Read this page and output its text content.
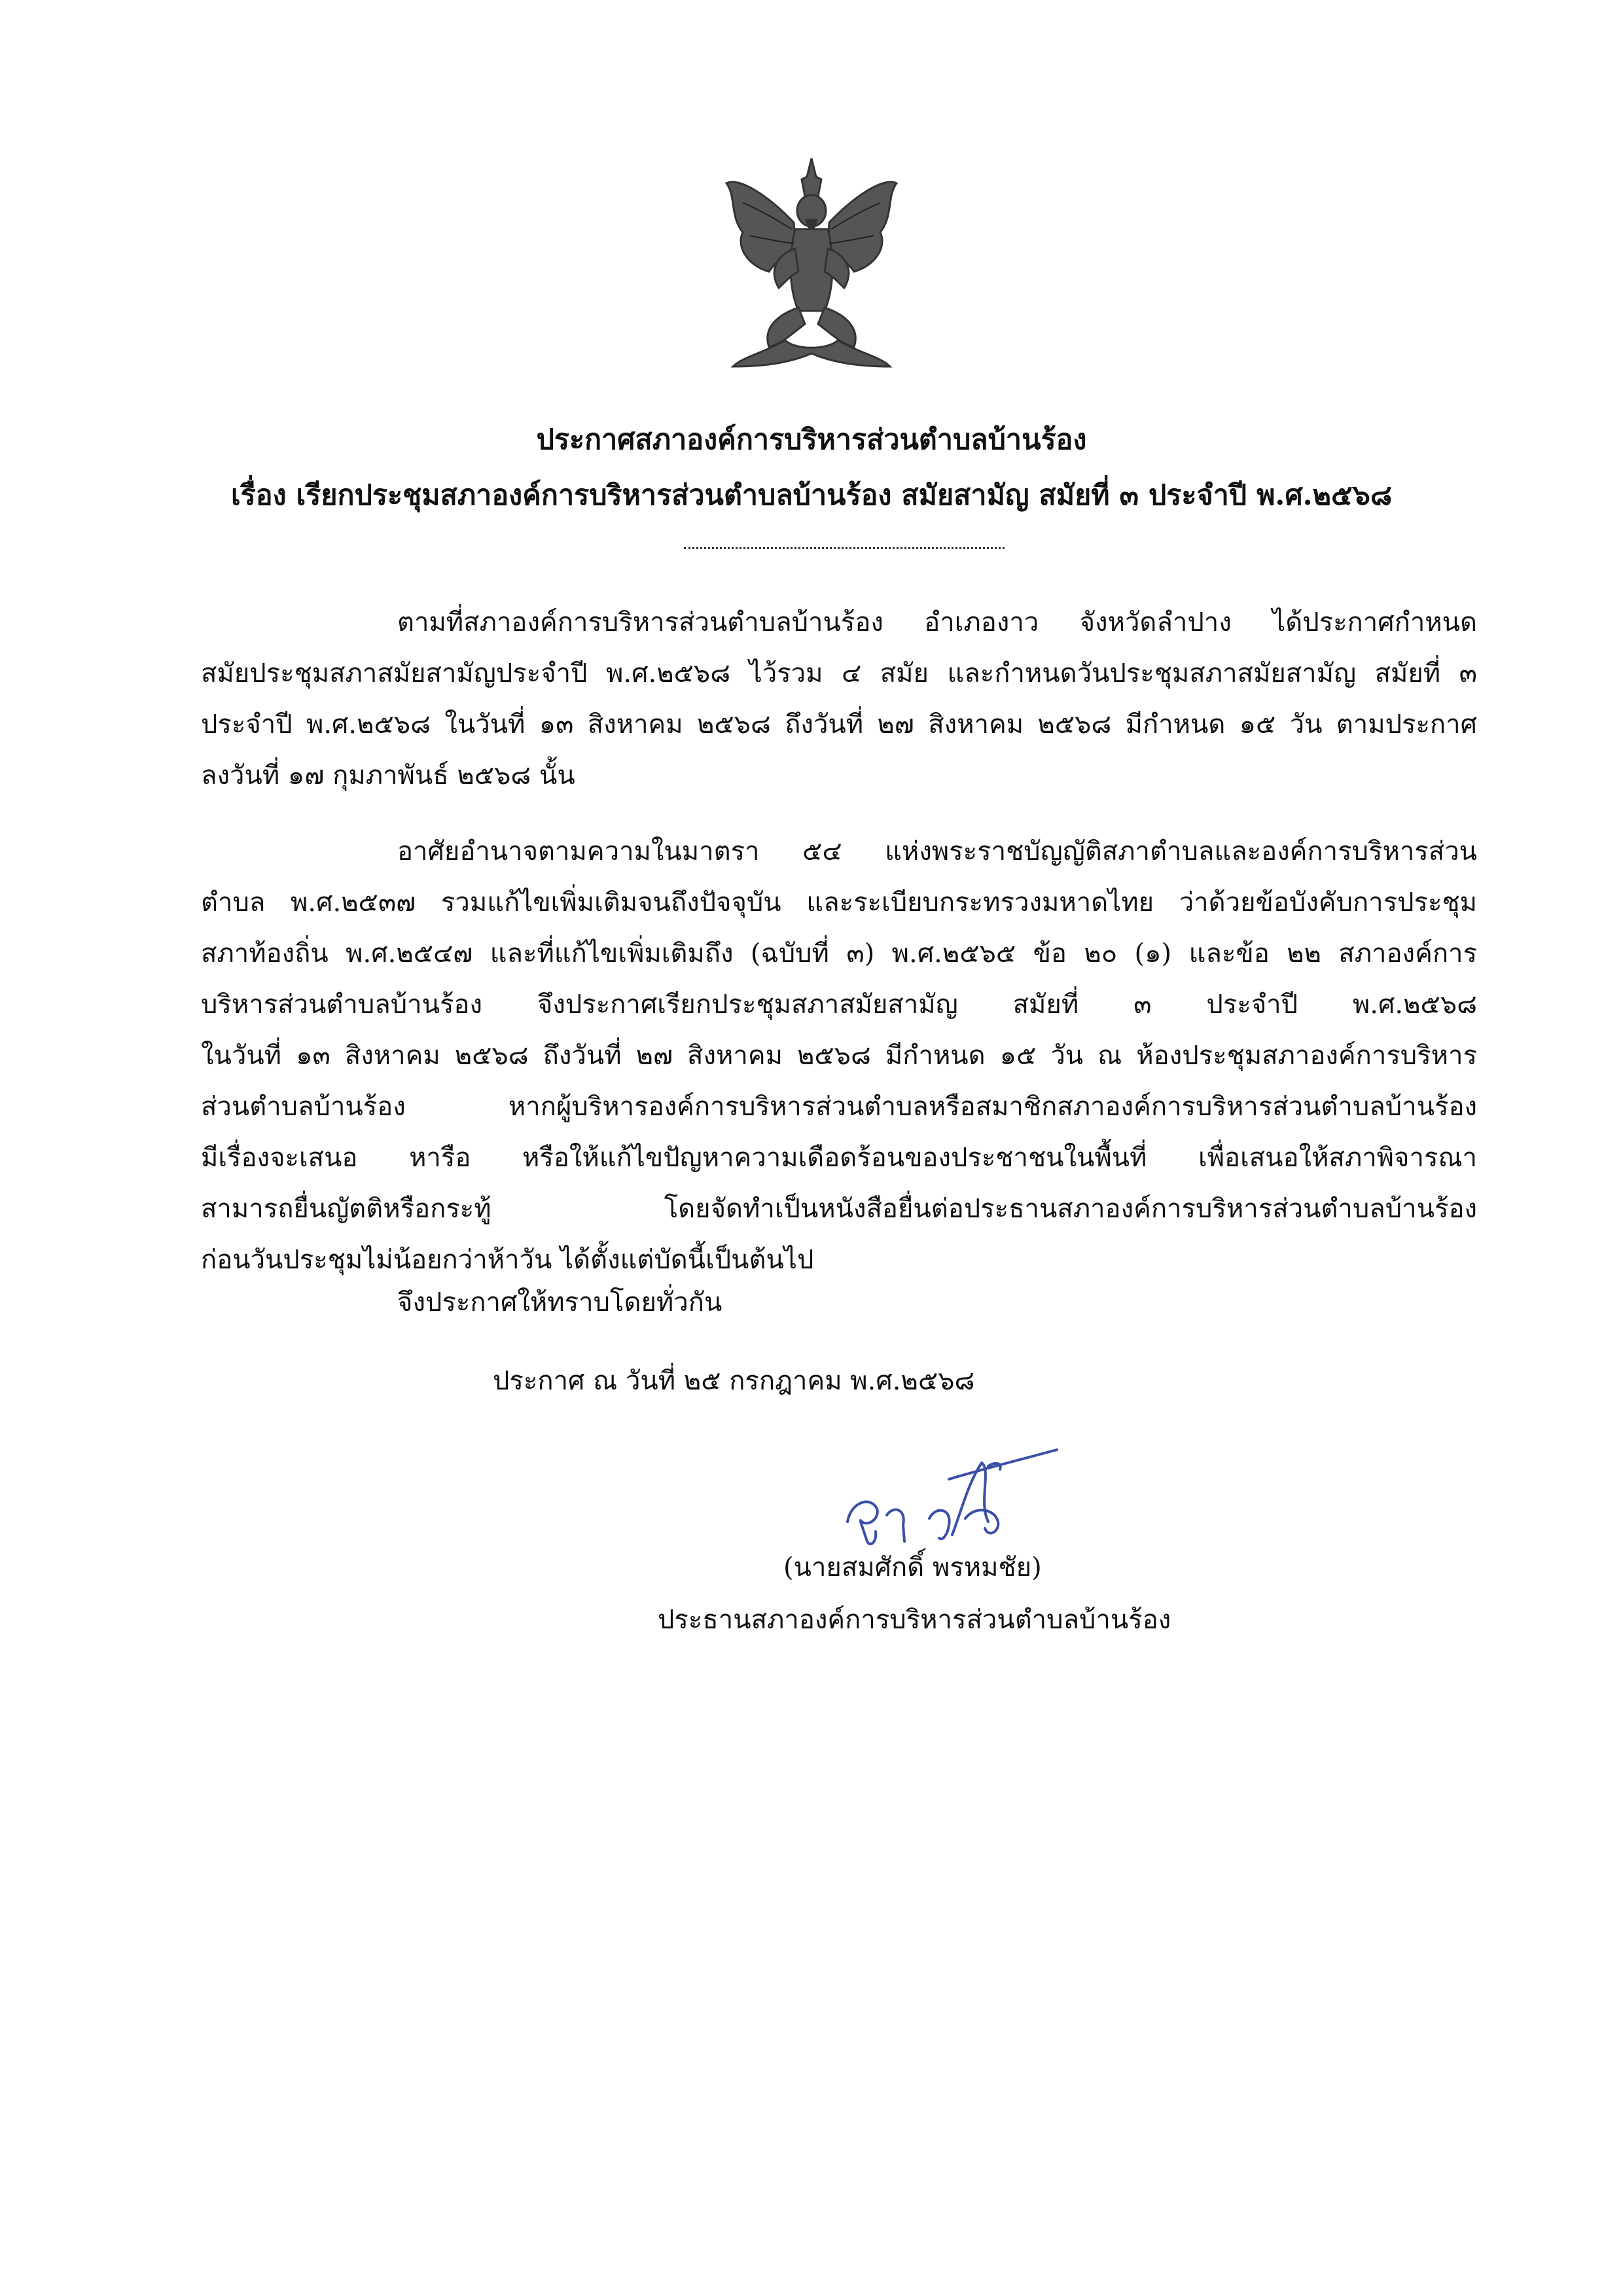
ประกาศสภาองค์การบริหารส่วนตำบลบ้านร้อง
เรื่อง เรียกประชุมสภาองค์การบริหารส่วนตำบลบ้านร้อง สมัยสามัญ สมัยที่ ๓ ประจำปี พ.ศ.๒๕๖๘
ตามที่สภาองค์การบริหารส่วนตำบลบ้านร้อง อำเภองาว จังหวัดลำปาง ได้ประกาศกำหนด
สมัยประชุมสภาสมัยสามัญประจำปี พ.ศ.๒๕๖๘ ไว้รวม ๔ สมัย และกำหนดวันประชุมสภาสมัยสามัญ สมัยที่ ๓
ประจำปี พ.ศ.๒๕๖๘ ในวันที่ ๑๓ สิงหาคม ๒๕๖๘ ถึงวันที่ ๒๗ สิงหาคม ๒๕๖๘ มีกำหนด ๑๕ วัน ตามประกาศ
ลงวันที่ ๑๗ กุมภาพันธ์ ๒๕๖๘ นั้น
อาศัยอำนาจตามความในมาตรา ๕๔ แห่งพระราชบัญญัติสภาตำบลและองค์การบริหารส่วน
ตำบล พ.ศ.๒๕๓๗ รวมแก้ไขเพิ่มเติมจนถึงปัจจุบัน และระเบียบกระทรวงมหาดไทย ว่าด้วยข้อบังคับการประชุม
สภาท้องถิ่น พ.ศ.๒๕๔๗ และที่แก้ไขเพิ่มเติมถึง (ฉบับที่ ๓) พ.ศ.๒๕๖๕ ข้อ ๒๐ (๑) และข้อ ๒๒ สภาองค์การ
บริหารส่วนตำบลบ้านร้อง จึงประกาศเรียกประชุมสภาสมัยสามัญ สมัยที่ ๓ ประจำปี พ.ศ.๒๕๖๘
ในวันที่ ๑๓ สิงหาคม ๒๕๖๘ ถึงวันที่ ๒๗ สิงหาคม ๒๕๖๘ มีกำหนด ๑๕ วัน ณ ห้องประชุมสภาองค์การบริหาร
ส่วนตำบลบ้านร้อง หากผู้บริหารองค์การบริหารส่วนตำบลหรือสมาชิกสภาองค์การบริหารส่วนตำบลบ้านร้อง
มีเรื่องจะเสนอ หารือ หรือให้แก้ไขปัญหาความเดือดร้อนของประชาชนในพื้นที่ เพื่อเสนอให้สภาพิจารณา
สามารถยื่นญัตติหรือกระทู้ โดยจัดทำเป็นหนังสือยื่นต่อประธานสภาองค์การบริหารส่วนตำบลบ้านร้อง
ก่อนวันประชุมไม่น้อยกว่าห้าวัน ได้ตั้งแต่บัดนี้เป็นต้นไป
จึงประกาศให้ทราบโดยทั่วกัน
ประกาศ ณ วันที่ ๒๕ กรกฎาคม พ.ศ.๒๕๖๘
(นายสมศักดิ์ พรหมชัย)
ประธานสภาองค์การบริหารส่วนตำบลบ้านร้อง
